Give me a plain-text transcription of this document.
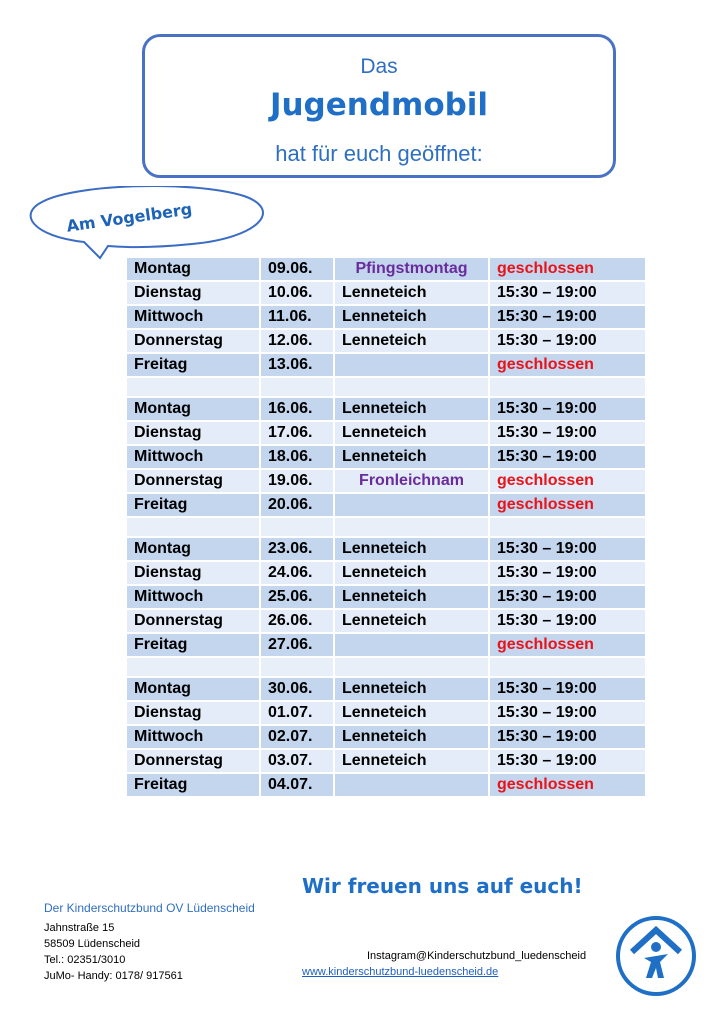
Das
Jugendmobil
hat für euch geöffnet:
Am Vogelberg
Montag	09.06.	Pfingstmontag	geschlossen
Dienstag	10.06.	Lenneteich	15:30 – 19:00
Mittwoch	11.06.	Lenneteich	15:30 – 19:00
Donnerstag	12.06.	Lenneteich	15:30 – 19:00
Freitag	13.06.		geschlossen

Montag	16.06.	Lenneteich	15:30 – 19:00
Dienstag	17.06.	Lenneteich	15:30 – 19:00
Mittwoch	18.06.	Lenneteich	15:30 – 19:00
Donnerstag	19.06.	Fronleichnam	geschlossen
Freitag	20.06.		geschlossen

Montag	23.06.	Lenneteich	15:30 – 19:00
Dienstag	24.06.	Lenneteich	15:30 – 19:00
Mittwoch	25.06.	Lenneteich	15:30 – 19:00
Donnerstag	26.06.	Lenneteich	15:30 – 19:00
Freitag	27.06.		geschlossen

Montag	30.06.	Lenneteich	15:30 – 19:00
Dienstag	01.07.	Lenneteich	15:30 – 19:00
Mittwoch	02.07.	Lenneteich	15:30 – 19:00
Donnerstag	03.07.	Lenneteich	15:30 – 19:00
Freitag	04.07.		geschlossen
Wir freuen uns auf euch!
Der Kinderschutzbund OV Lüdenscheid
Jahnstraße 15
58509 Lüdenscheid
Tel.: 02351/3010
JuMo- Handy: 0178/ 917561
Instagram@Kinderschutzbund_luedenscheid
www.kinderschutzbund-luedenscheid.de
